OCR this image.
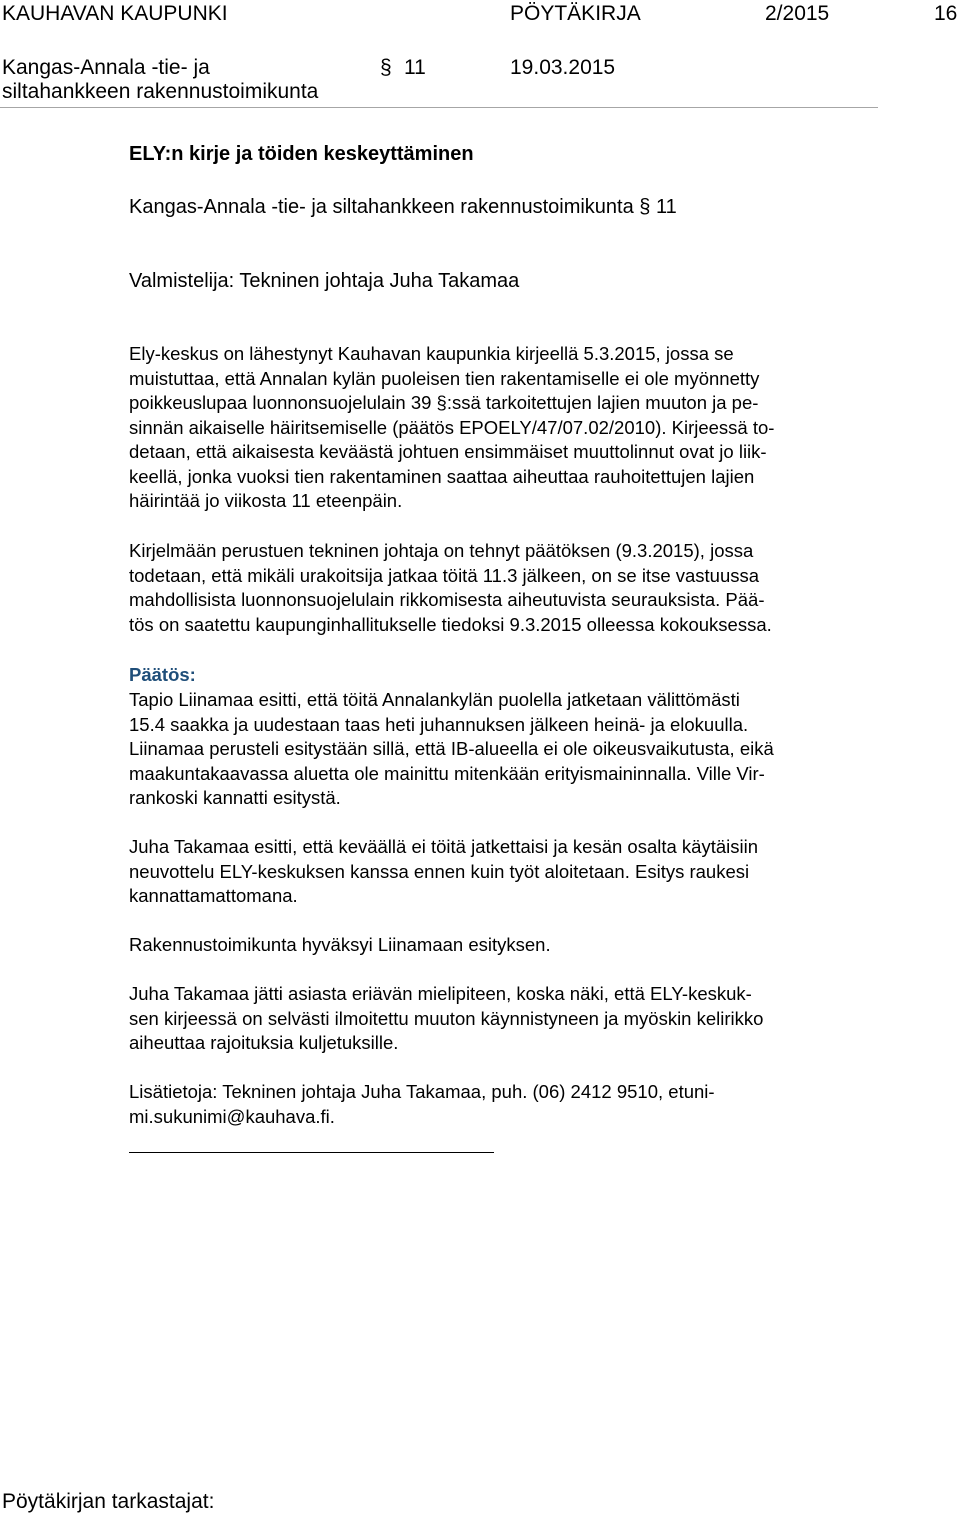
KAUHAVAN KAUPUNKI	PÖYTÄKIRJA	2/2015	16
Kangas-Annala -tie- ja
siltahankkeen rakennustoimikunta
§ 11	19.03.2015
ELY:n kirje ja töiden keskeyttäminen
Kangas-Annala -tie- ja siltahankkeen rakennustoimikunta § 11
Valmistelija: Tekninen johtaja Juha Takamaa
Ely-keskus on lähestynyt Kauhavan kaupunkia kirjeellä 5.3.2015, jossa se
muistuttaa, että Annalan kylän puoleisen tien rakentamiselle ei ole myönnetty
poikkeuslupaa luonnonsuojelulain 39 §:ssä tarkoitettujen lajien muuton ja pe-
sinnän aikaiselle häiritsemiselle (päätös EPOELY/47/07.02/2010). Kirjeessä to-
detaan, että aikaisesta keväästä johtuen ensimmäiset muuttolinnut ovat jo liik-
keellä, jonka vuoksi tien rakentaminen saattaa aiheuttaa rauhoitettujen lajien
häirintää jo viikosta 11 eteenpäin.
Kirjelmään perustuen tekninen johtaja on tehnyt päätöksen (9.3.2015), jossa
todetaan, että mikäli urakoitsija jatkaa töitä 11.3 jälkeen, on se itse vastuussa
mahdollisista luonnonsuojelulain rikkomisesta aiheutuvista seurauksista. Pää-
tös on saatettu kaupunginhallitukselle tiedoksi 9.3.2015 olleessa kokouksessa.
Päätös:
Tapio Liinamaa esitti, että töitä Annalankylän puolella jatketaan välittömästi
15.4 saakka ja uudestaan taas heti juhannuksen jälkeen heinä- ja elokuulla.
Liinamaa perusteli esitystään sillä, että IB-alueella ei ole oikeusvaikutusta, eikä
maakuntakaavassa aluetta ole mainittu mitenkään erityismaininnalla. Ville Vir-
rankoski kannatti esitystä.
Juha Takamaa esitti, että keväällä ei töitä jatkettaisi ja kesän osalta käytäisiin
neuvottelu ELY-keskuksen kanssa ennen kuin työt aloitetaan. Esitys raukesi
kannattamattomana.
Rakennustoimikunta hyväksyi Liinamaan esityksen.
Juha Takamaa jätti asiasta eriävän mielipiteen, koska näki, että ELY-keskuk-
sen kirjeessä on selvästi ilmoitettu muuton käynnistyneen ja myöskin kelirikko
aiheuttaa rajoituksia kuljetuksille.
Lisätietoja: Tekninen johtaja Juha Takamaa, puh. (06) 2412 9510, etuni-
mi.sukunimi@kauhava.fi.
Pöytäkirjan tarkastajat:
